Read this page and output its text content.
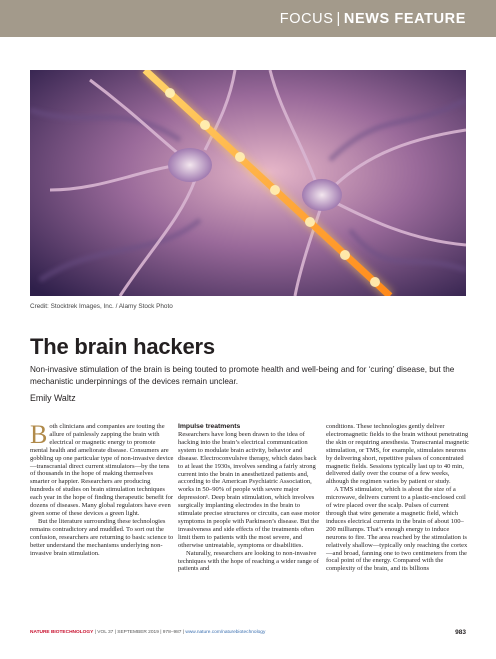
FOCUS | NEWS FEATURE
Credit: Stocktrek Images, Inc. / Alamy Stock Photo
The brain hackers

Non-invasive stimulation of the brain is being touted to promote health and well-being and for ‘curing’ disease, but the mechanistic underpinnings of the devices remain unclear.

Emily Waltz
B oth clinicians and companies are touting the allure of painlessly zapping the brain with electrical or magnetic energy to promote mental health and ameliorate disease. Consumers are gobbling up one particular type of non-invasive device—transcranial direct current stimulators—by the tens of thousands in the hope of making themselves smarter or happier. Researchers are producing hundreds of studies on brain stimulation techniques each year in the hope of finding therapeutic benefit for dozens of diseases. Many global regulators have even given some of these devices a green light.

But the literature surrounding these technologies remains contradictory and muddled. To sort out the confusion, researchers are returning to basic science to better understand the mechanisms underlying non-invasive brain stimulation.

Impulse treatments

Researchers have long been drawn to the idea of hacking into the brain’s electrical communication system to modulate brain activity, behavior and disease. Electroconvulsive therapy, which dates back to at least the 1930s, involves sending a fairly strong current into the brain in anesthetized patients and, according to the American Psychiatric Association, works in 50–90% of people with severe major depression¹. Deep brain stimulation, which involves surgically implanting electrodes in the brain to stimulate precise structures or circuits, can ease motor symptoms in people with Parkinson’s disease. But the invasiveness and side effects of the treatments often limit them to patients with the most severe, and otherwise untreatable, symptoms or disabilities.

Naturally, researchers are looking to non-invasive techniques with the hope of reaching a wider range of patients and

conditions. These technologies gently deliver electromagnetic fields to the brain without penetrating the skin or requiring anesthesia. Transcranial magnetic stimulation, or TMS, for example, stimulates neurons by delivering short, repetitive pulses of concentrated magnetic fields. Sessions typically last up to 40 min, delivered daily over the course of a few weeks, although the regimen varies by patient or study.

A TMS stimulator, which is about the size of a microwave, delivers current to a plastic-enclosed coil of wire placed over the scalp. Pulses of current through that wire generate a magnetic field, which induces electrical currents in the brain of about 100–200 milliamps. That’s enough energy to induce neurons to fire. The area reached by the stimulation is relatively shallow—typically only reaching the cortex—and broad, fanning one to two centimeters from the focal point of the energy. Compared with the complexity of the brain, and its billions

NATURE BIOTECHNOLOGY | VOL 37 | SEPTEMBER 2019 | 978–987 | www.nature.com/naturebiotechnology	983
